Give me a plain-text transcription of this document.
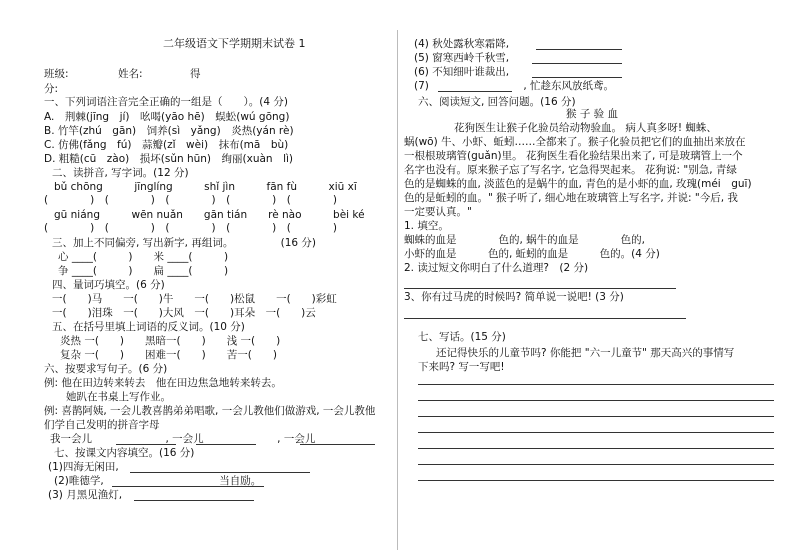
二年级语文下学期期末试卷 1
班级:	姓名:	得
分:
一、下列词语注音完全正确的一组是（　　）。(4 分)
A.　荆棘(jīng　jí)　吆喝(yāo hē)　蜈蚣(wú gōng)
B. 竹竿(zhú　gān)　饲养(sì　yǎng)　炎热(yán rè)
C. 仿佛(fǎng　fú)　蒜瓣(zǐ　wèi)　抹布(mā　bù)
D. 粗糙(cū　zào)　损坏(sǔn hūn)　绚丽(xuàn　lì)
二、读拼音, 写字词。(12 分)
bǔ chōng　　　jīnglíng　　　shǐ jìn　　　fān fù　　　xiū xī
(　　　　)　(　　　　)　(　　　　)　(　　　　)　(　　　　)
gū niáng　　　wēn nuǎn　　gān tián　　rè nào　　　bèi ké
(　　　　)　(　　　　)　(　　　　)　(　　　　)　(　　　　)
三、加上不同偏旁, 写出新字, 再组词。　　　　　(16 分)
心 ____(　　　)　　米 ____(　　　)
争 ____(　　　)　　扁 ____(　　　)
四、量词巧填空。(6 分)
一(　　)马　　一(　　)牛　　一(　　)松鼠　　一(　　)彩虹
一(　　)泪珠　一(　　)大风　一(　　)耳朵　一(　　)云
五、在括号里填上词语的反义词。(10 分)
炎热 一(　　)　　黑暗一(　　)　　浅 一(　　)
复杂 一(　　)　　困难一(　　)　　苦一(　　)
六、按要求写句子。(6 分)
例: 他在田边转来转去　他在田边焦急地转来转去。
她趴在书桌上写作业。
例: 喜鹊阿姨, 一会儿教喜鹊弟弟唱歌, 一会儿教他们做游戏, 一会儿教他
们学自己发明的拼音字母
我一会儿　　　　　　　, 一会儿　　　　　　　, 一会儿
七、按课文内容填空。(16 分)
(1)四海无闲田,
(2)唯德学,　　　　　　　　　　　当自励。
(3) 月黑见渔灯,
(4) 秋处露秋寒霜降,
(5) 窗寒西岭千秋雪,
(6) 不知细叶谁裁出,
(7)　　　　　　　　　, 忙趁东风放纸鸢。
六、阅读短文, 回答问题。(16 分)
猴 子 验 血
花狗医生让猴子化验员给动物验血。 病人真多呀! 蜘蛛、
蜗(wō) 牛、小虾、蚯蚓……全都来了。猴子化验员把它们的血抽出来放在
一根根玻璃管(guǎn)里。 花狗医生看化验结果出来了, 可是玻璃管上一个
名字也没有。原来猴子忘了写名字, 它急得哭起来。 花狗说: "别急, 青绿
色的是蜘蛛的血, 淡蓝色的是蜗牛的血, 青色的是小虾的血, 玫瑰(méi　guī)
色的是蚯蚓的血。" 猴子听了, 细心地在玻璃管上写名字, 并说: "今后, 我
一定要认真。"
1. 填空。
蜘蛛的血是　　　　色的, 蜗牛的血是　　　　色的,
小虾的血是　　　色的, 蚯蚓的血是　　　色的。(4 分)
2. 读过短文你明白了什么道理?　(2 分)
3、你有过马虎的时候吗? 简单说一说吧! (3 分)
七、写话。(15 分)
还记得快乐的儿童节吗? 你能把 "六一儿童节" 那天高兴的事情写
下来吗? 写一写吧!
